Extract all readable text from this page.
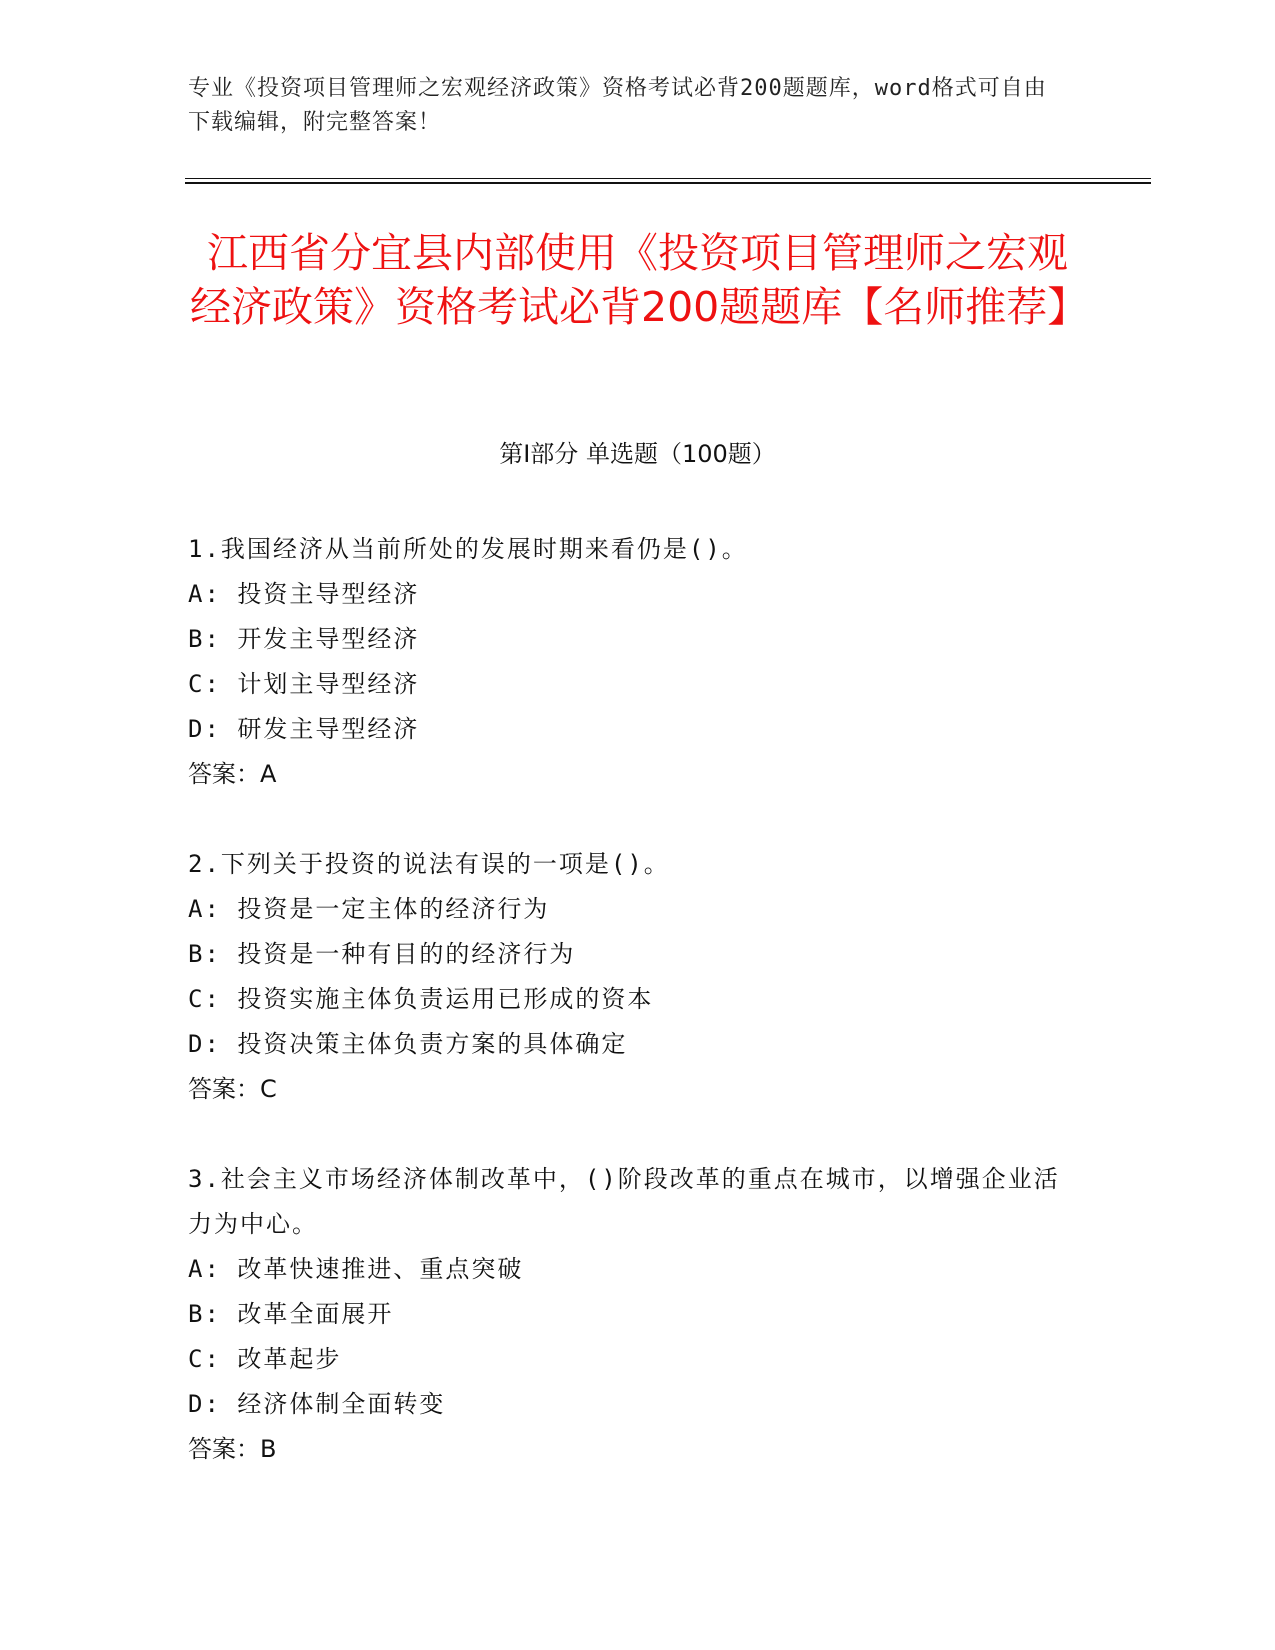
专业《投资项目管理师之宏观经济政策》资格考试必背200题题库，word格式可自由下载编辑，附完整答案！
江西省分宜县内部使用《投资项目管理师之宏观经济政策》资格考试必背200题题库【名师推荐】
第I部分 单选题（100题）
1.我国经济从当前所处的发展时期来看仍是()。
A: 投资主导型经济
B: 开发主导型经济
C: 计划主导型经济
D: 研发主导型经济
答案：A
2.下列关于投资的说法有误的一项是()。
A: 投资是一定主体的经济行为
B: 投资是一种有目的的经济行为
C: 投资实施主体负责运用已形成的资本
D: 投资决策主体负责方案的具体确定
答案：C
3.社会主义市场经济体制改革中，()阶段改革的重点在城市，以增强企业活力为中心。
A: 改革快速推进、重点突破
B: 改革全面展开
C: 改革起步
D: 经济体制全面转变
答案：B
